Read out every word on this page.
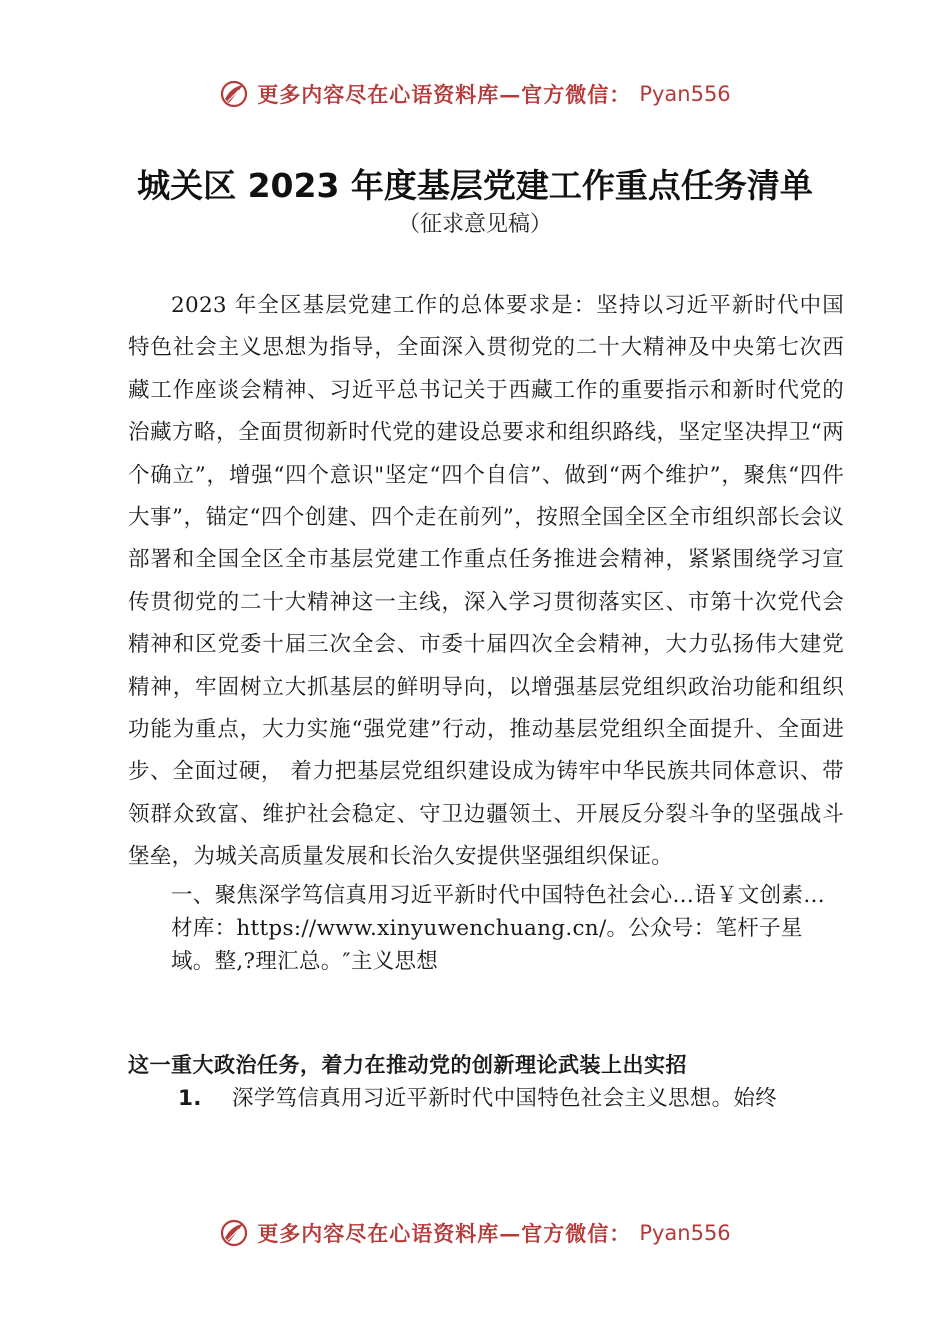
更多内容尽在心语资料库—官方微信： Pyan556
城关区 2023 年度基层党建工作重点任务清单
（征求意见稿）

2023 年全区基层党建工作的总体要求是：坚持以习近平新时代中国特色社会主义思想为指导，全面深入贯彻党的二十大精神及中央第七次西藏工作座谈会精神、习近平总书记关于西藏工作的重要指示和新时代党的治藏方略，全面贯彻新时代党的建设总要求和组织路线，坚定坚决捍卫“两个确立”，增强“四个意识"坚定“四个自信”、做到“两个维护”，聚焦“四件大事”，锚定“四个创建、四个走在前列”，按照全国全区全市组织部长会议部署和全国全区全市基层党建工作重点任务推进会精神，紧紧围绕学习宣传贯彻党的二十大精神这一主线，深入学习贯彻落实区、市第十次党代会精神和区党委十届三次全会、市委十届四次全会精神，大力弘扬伟大建党精神，牢固树立大抓基层的鲜明导向，以增强基层党组织政治功能和组织功能为重点，大力实施“强党建”行动，推动基层党组织全面提升、全面进步、全面过硬， 着力把基层党组织建设成为铸牢中华民族共同体意识、带领群众致富、维护社会稳定、守卫边疆领土、开展反分裂斗争的坚强战斗堡垒，为城关高质量发展和长治久安提供坚强组织保证。

一、聚焦深学笃信真用习近平新时代中国特色社会心…语￥文创素…材库：https://www.xinyuwenchuang.cn/。公众号：笔杆子星域。整,?理汇总。″主义思想

这一重大政治任务，着力在推动党的创新理论武装上出实招
1. 深学笃信真用习近平新时代中国特色社会主义思想。始终
更多内容尽在心语资料库—官方微信： Pyan556
